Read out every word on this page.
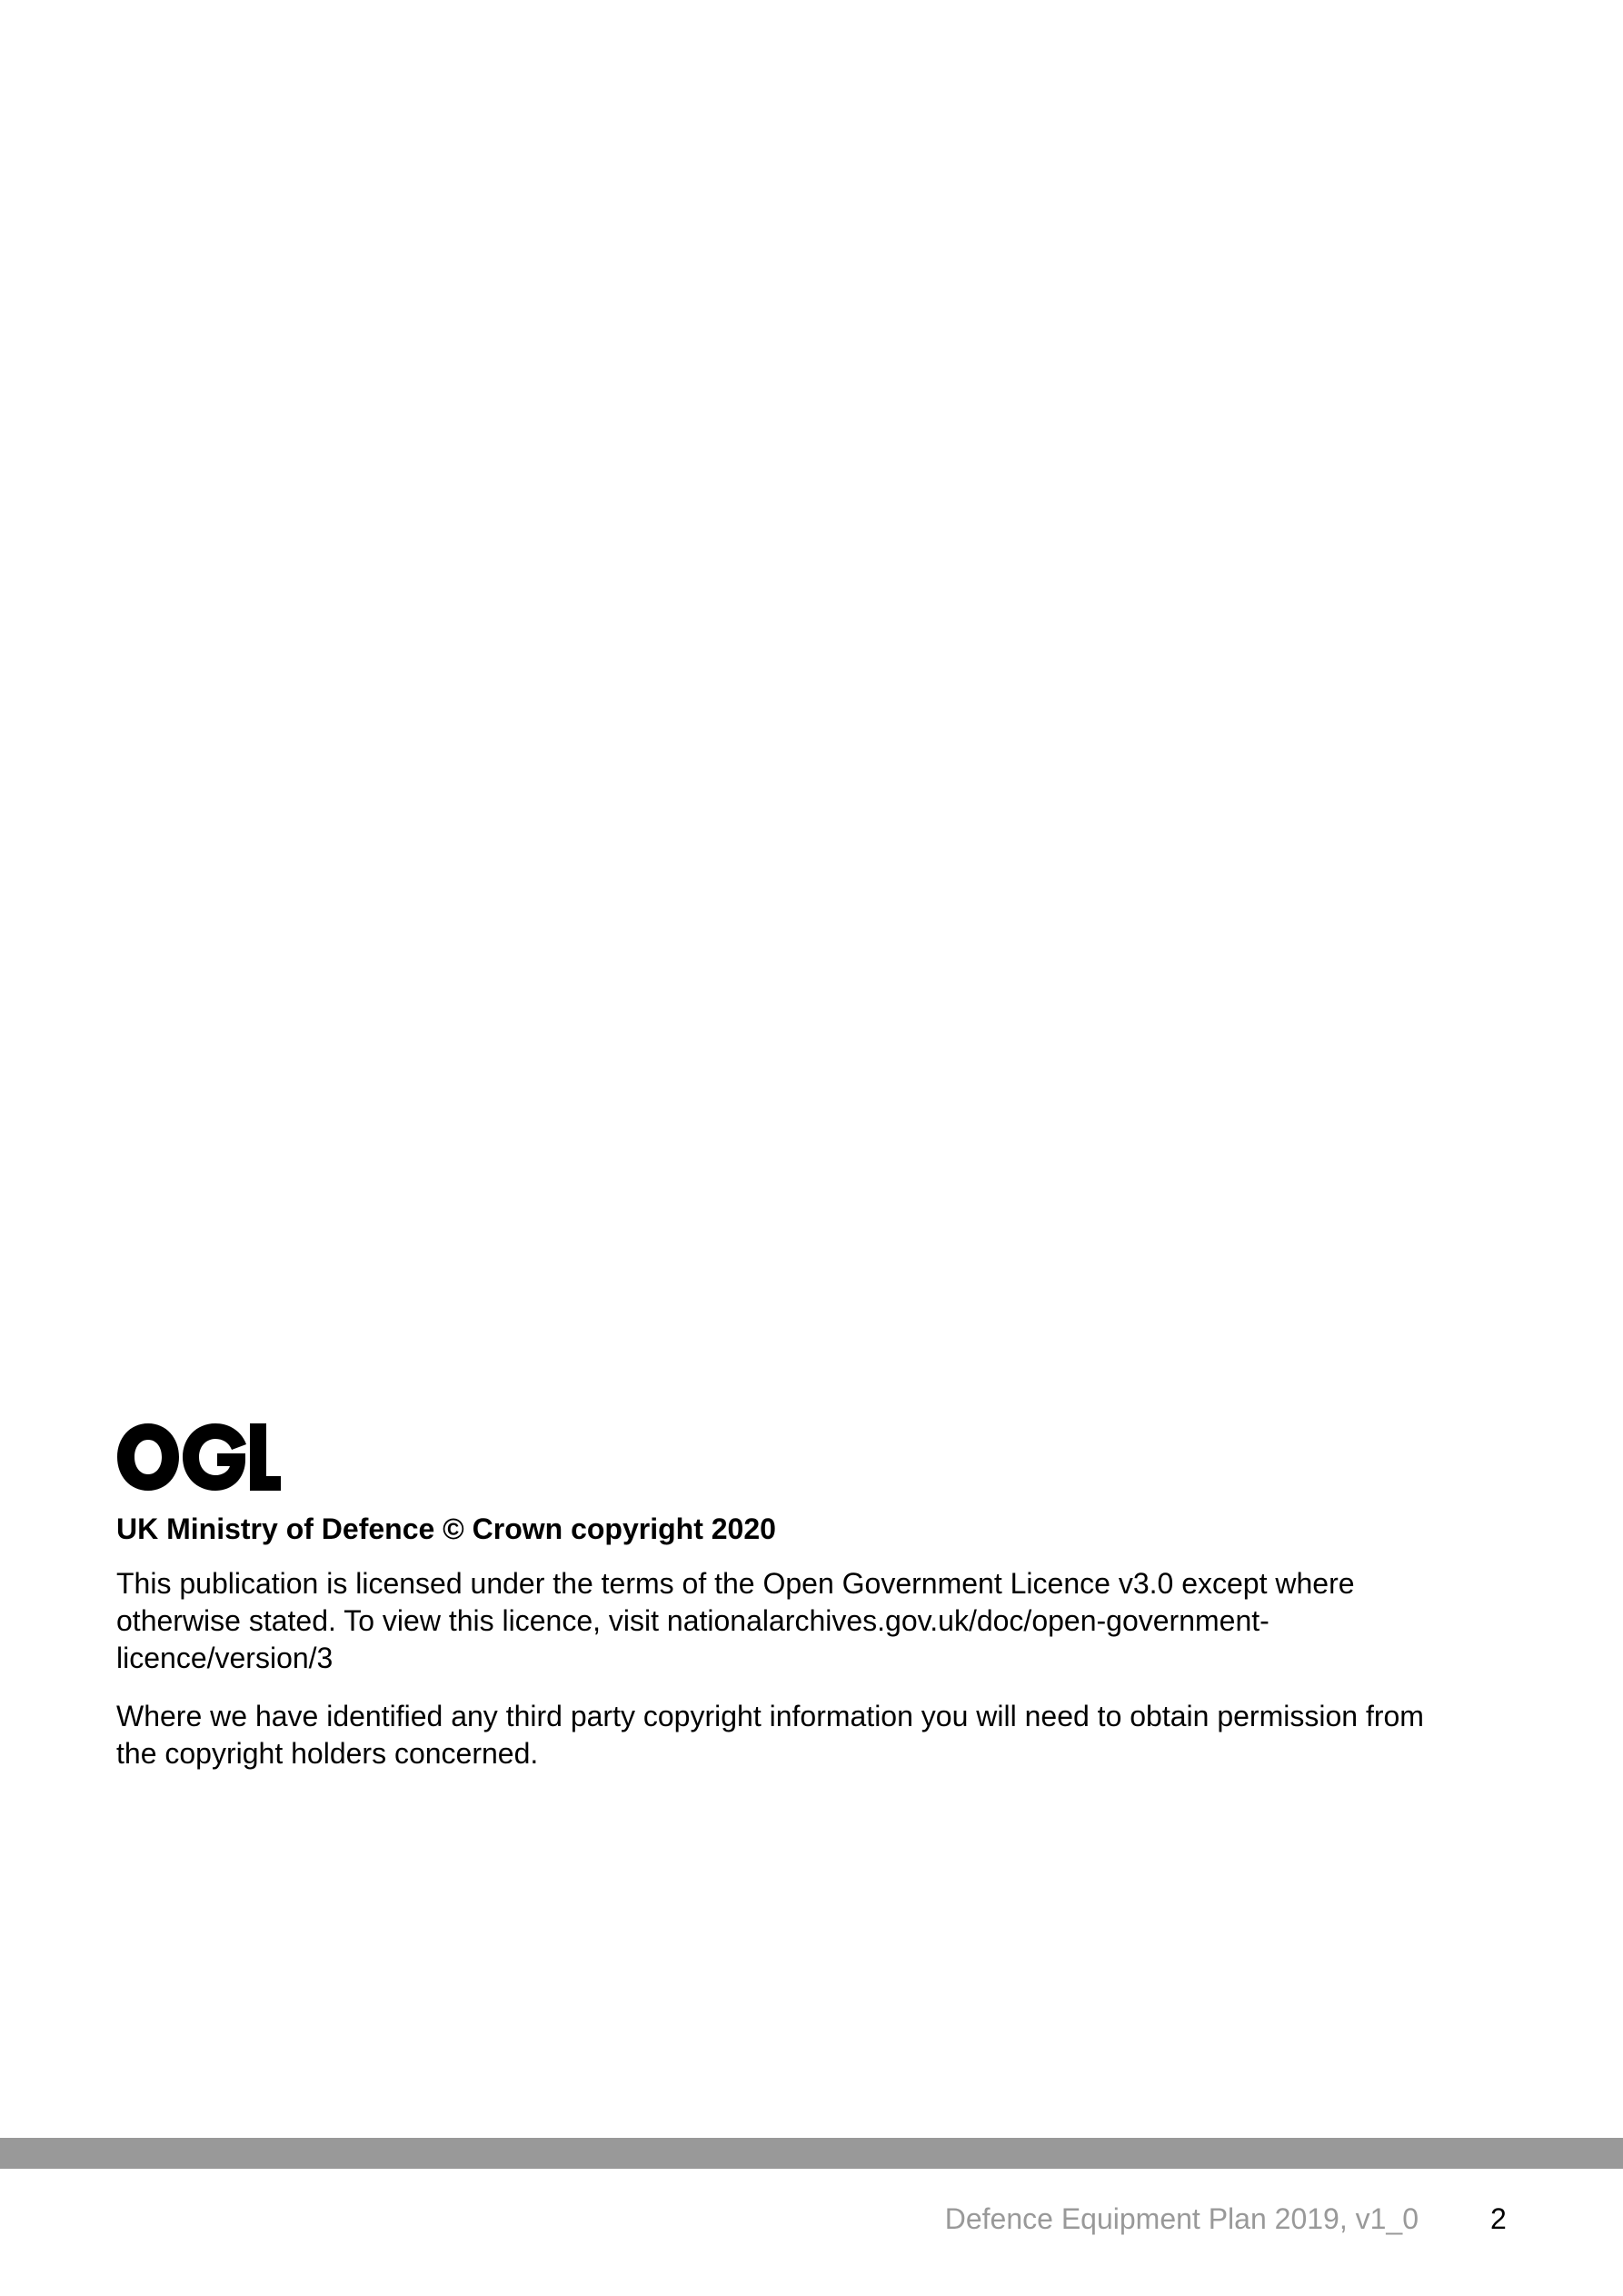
UK Ministry of Defence © Crown copyright 2020
This publication is licensed under the terms of the Open Government Licence v3.0 except where
otherwise stated. To view this licence, visit nationalarchives.gov.uk/doc/open-government-
licence/version/3
Where we have identified any third party copyright information you will need to obtain permission from
the copyright holders concerned.
Defence Equipment Plan 2019, v1_0 2
